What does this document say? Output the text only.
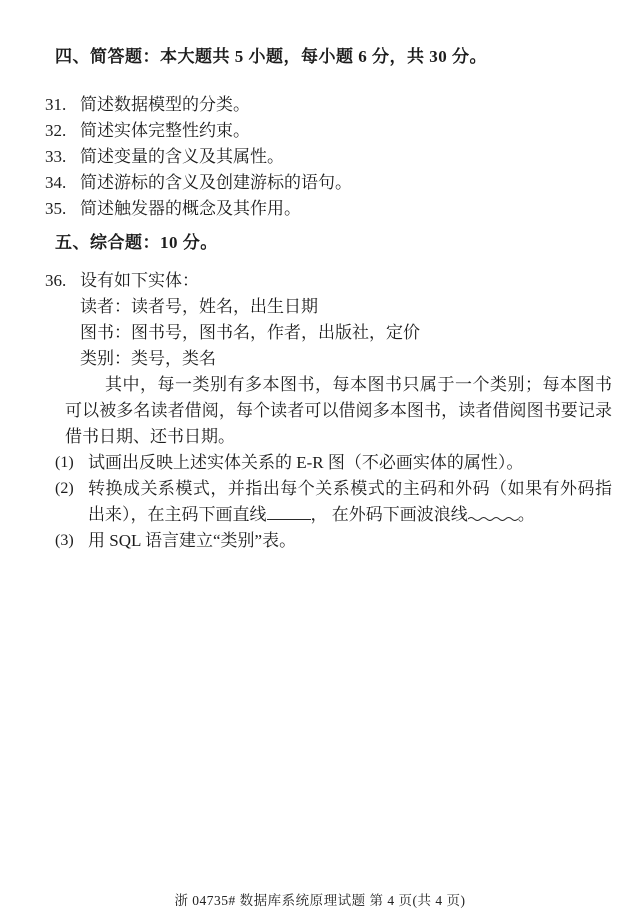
四、简答题：本大题共 5 小题，每小题 6 分，共 30 分。
31. 简述数据模型的分类。
32. 简述实体完整性约束。
33. 简述变量的含义及其属性。
34. 简述游标的含义及创建游标的语句。
35. 简述触发器的概念及其作用。
五、综合题：10 分。
36. 设有如下实体：
读者：读者号，姓名，出生日期
图书：图书号，图书名，作者，出版社，定价
类别：类号，类名
其中，每一类别有多本图书，每本图书只属于一个类别；每本图书可以被多名读者借阅，每个读者可以借阅多本图书，读者借阅图书要记录借书日期、还书日期。
(1) 试画出反映上述实体关系的 E-R 图（不必画实体的属性）。
(2) 转换成关系模式，并指出每个关系模式的主码和外码（如果有外码指出来），在主码下画直线	， 在外码下画波浪线	。
(3) 用 SQL 语言建立“类别”表。
浙 04735# 数据库系统原理试题 第 4 页(共 4 页)
